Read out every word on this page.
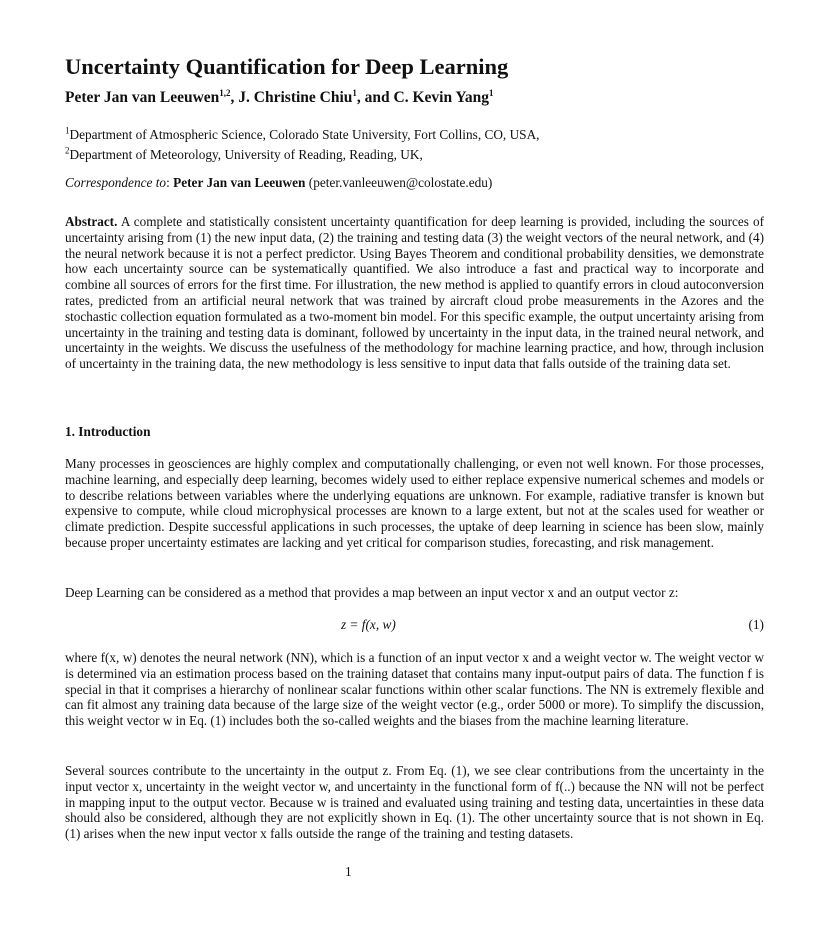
Uncertainty Quantification for Deep Learning
Peter Jan van Leeuwen$^{1,2}$, J. Christine Chiu$^1$, and C. Kevin Yang$^1$
$^1$Department of Atmospheric Science, Colorado State University, Fort Collins, CO, USA,
$^2$Department of Meteorology, University of Reading, Reading, UK,
Correspondence to: Peter Jan van Leeuwen (peter.vanleeuwen@colostate.edu)
Abstract. A complete and statistically consistent uncertainty quantification for deep learning is provided, including the sources of uncertainty arising from (1) the new input data, (2) the training and testing data (3) the weight vectors of the neural network, and (4) the neural network because it is not a perfect predictor. Using Bayes Theorem and conditional probability densities, we demonstrate how each uncertainty source can be systematically quantified. We also introduce a fast and practical way to incorporate and combine all sources of errors for the first time. For illustration, the new method is applied to quantify errors in cloud autoconversion rates, predicted from an artificial neural network that was trained by aircraft cloud probe measurements in the Azores and the stochastic collection equation formulated as a two-moment bin model. For this specific example, the output uncertainty arising from uncertainty in the training and testing data is dominant, followed by uncertainty in the input data, in the trained neural network, and uncertainty in the weights. We discuss the usefulness of the methodology for machine learning practice, and how, through inclusion of uncertainty in the training data, the new methodology is less sensitive to input data that falls outside of the training data set.
1. Introduction
Many processes in geosciences are highly complex and computationally challenging, or even not well known. For those processes, machine learning, and especially deep learning, becomes widely used to either replace expensive numerical schemes and models or to describe relations between variables where the underlying equations are unknown. For example, radiative transfer is known but expensive to compute, while cloud microphysical processes are known to a large extent, but not at the scales used for weather or climate prediction. Despite successful applications in such processes, the uptake of deep learning in science has been slow, mainly because proper uncertainty estimates are lacking and yet critical for comparison studies, forecasting, and risk management.
Deep Learning can be considered as a method that provides a map between an input vector x and an output vector z:
z = f(x, w)	(1)
where f(x, w) denotes the neural network (NN), which is a function of an input vector x and a weight vector w. The weight vector w is determined via an estimation process based on the training dataset that contains many input-output pairs of data. The function f is special in that it comprises a hierarchy of nonlinear scalar functions within other scalar functions. The NN is extremely flexible and can fit almost any training data because of the large size of the weight vector (e.g., order 5000 or more). To simplify the discussion, this weight vector w in Eq. (1) includes both the so-called weights and the biases from the machine learning literature.
Several sources contribute to the uncertainty in the output z. From Eq. (1), we see clear contributions from the uncertainty in the input vector x, uncertainty in the weight vector w, and uncertainty in the functional form of f(..) because the NN will not be perfect in mapping input to the output vector. Because w is trained and evaluated using training and testing data, uncertainties in these data should also be considered, although they are not explicitly shown in Eq. (1). The other uncertainty source that is not shown in Eq. (1) arises when the new input vector x falls outside the range of the training and testing datasets.
1
